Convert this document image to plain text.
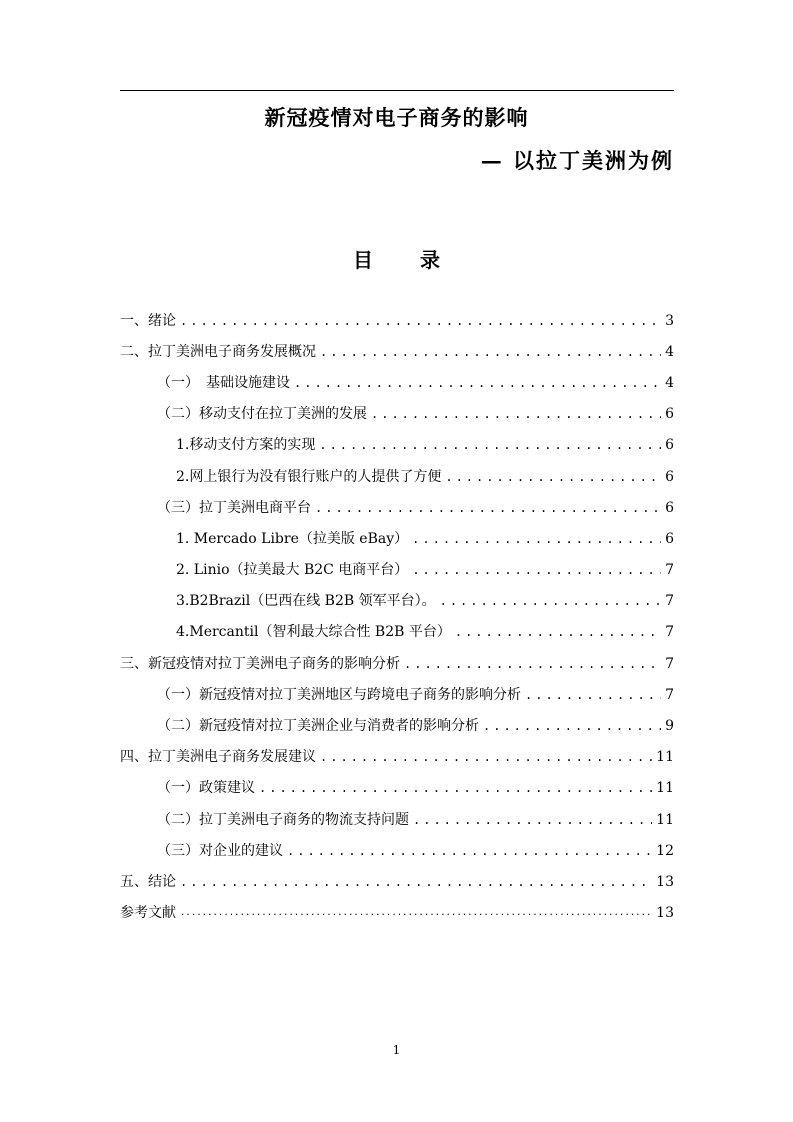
新冠疫情对电子商务的影响
— 以拉丁美洲为例
目 录
一、绪论 .....	3
二、拉丁美洲电子商务发展概况 .....	4
（一）　基础设施建设 .....	4
（二）移动支付在拉丁美洲的发展 .....	6
1.移动支付方案的实现 .....	6
2.网上银行为没有银行账户的人提供了方便 .....	6
（三）拉丁美洲电商平台 .....	6
1. Mercado Libre（拉美版 eBay） .....	6
2. Linio（拉美最大 B2C 电商平台） .....	7
3.B2Brazil（巴西在线 B2B 领军平台）。 .....	7
4.Mercantil（智利最大综合性 B2B 平台） .....	7
三、新冠疫情对拉丁美洲电子商务的影响分析 .....	7
（一）新冠疫情对拉丁美洲地区与跨境电子商务的影响分析 .....	7
（二）新冠疫情对拉丁美洲企业与消费者的影响分析 .....	9
四、拉丁美洲电子商务发展建议 .....	11
（一）政策建议 .....	11
（二）拉丁美洲电子商务的物流支持问题 .....	11
（三）对企业的建议 .....	12
五、结论 .....	13
参考文献 .....	13
1
